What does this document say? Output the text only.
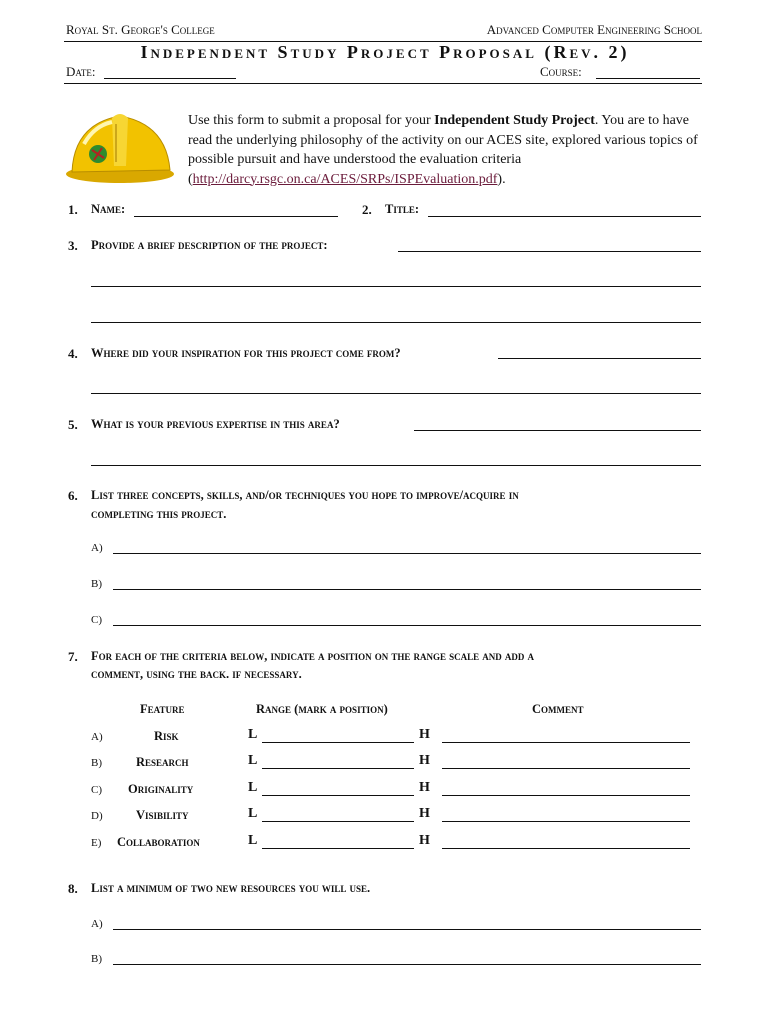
Royal St. George's College	Advanced Computer Engineering School
Independent Study Project Proposal (Rev. 2)
Date:	Course:
Use this form to submit a proposal for your Independent Study Project. You are to have read the underlying philosophy of the activity on our ACES site, explored various topics of possible pursuit and have understood the evaluation criteria (http://darcy.rsgc.on.ca/ACES/SRPs/ISPEvaluation.pdf).
1. Name:	2. Title:
3. Provide a brief description of the project:
4. Where did your inspiration for this project come from?
5. What is your previous expertise in this area?
6. List three concepts, skills, and/or techniques you hope to improve/acquire in
completing this project.
A)
B)
C)
7. For each of the criteria below, indicate a position on the range scale and add a
comment, using the back. if necessary.
Feature	Range (mark a position)	Comment
A)	Risk	L	H
B)	Research	L	H
C) Originality	L	H
D)	Visibility	L	H
E) Collaboration	L	H
8. List a minimum of two new resources you will use.
A)
B)
